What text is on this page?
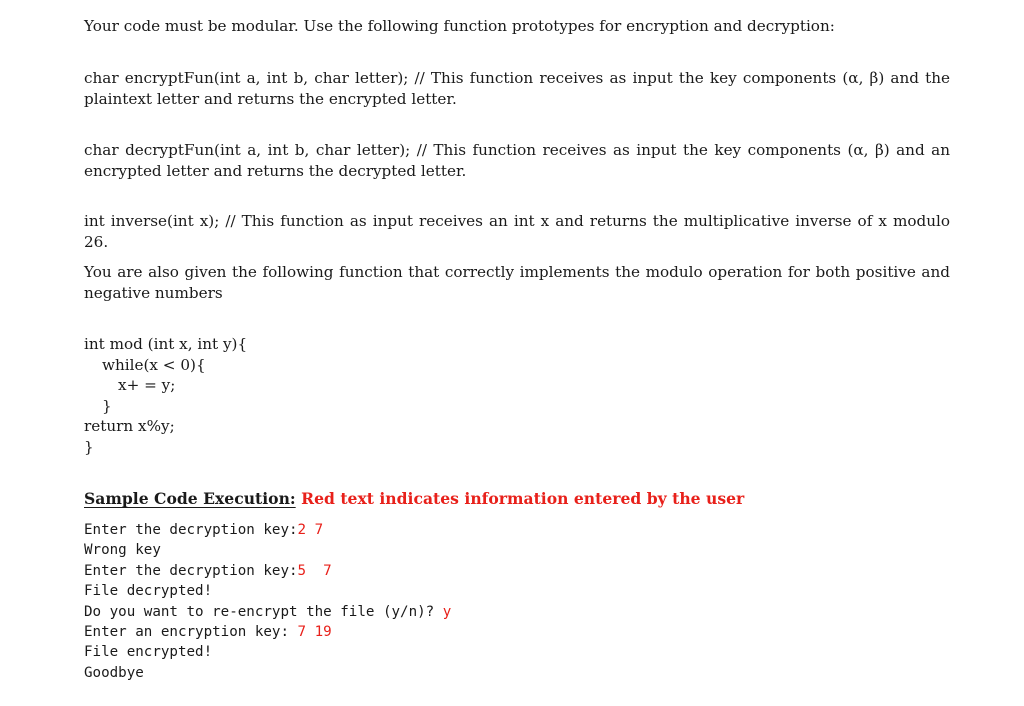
Your code must be modular. Use the following function prototypes for encryption and decryption:

char encryptFun(int a, int b, char letter); // This function receives as input the key components (α, β) and the plaintext letter and returns the encrypted letter.

char decryptFun(int a, int b, char letter); // This function receives as input the key components (α, β) and an encrypted letter and returns the decrypted letter.

int inverse(int x); // This function as input receives an int x and returns the multiplicative inverse of x modulo 26.

You are also given the following function that correctly implements the modulo operation for both positive and negative numbers

int mod (int x, int y){
while(x < 0){
x+ = y;
}
return x%y;
}
Sample Code Execution: Red text indicates information entered by the user
Enter the decryption key:2 7
Wrong key
Enter the decryption key:5  7
File decrypted!
Do you want to re-encrypt the file (y/n)? y
Enter an encryption key: 7 19
File encrypted!
Goodbye
